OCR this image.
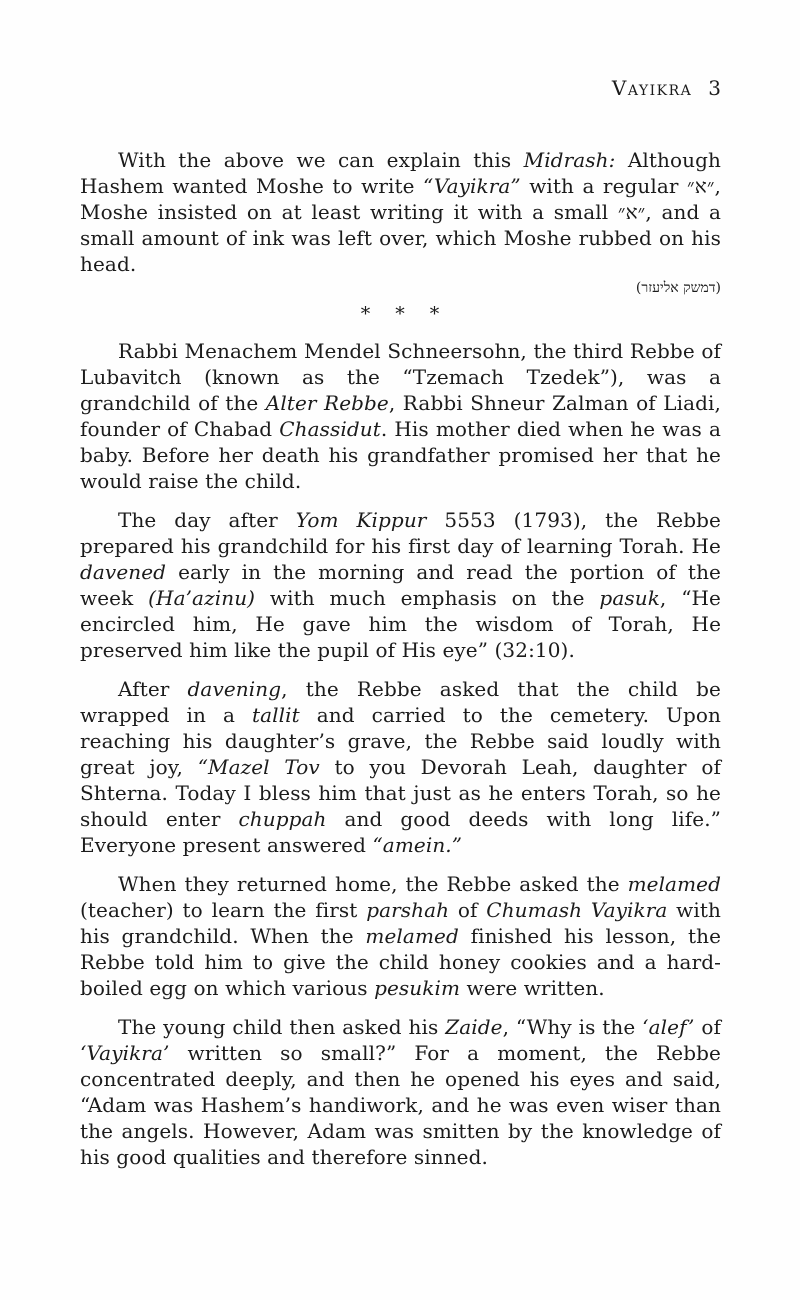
Vayikra 3

With the above we can explain this Midrash: Although Hashem wanted Moshe to write “Vayikra” with a regular ״א״, Moshe insisted on at least writing it with a small ״א״, and a small amount of ink was left over, which Moshe rubbed on his head.

(דמשק אליעזר)
* * *

Rabbi Menachem Mendel Schneersohn, the third Rebbe of Lubavitch (known as the “Tzemach Tzedek”), was a grandchild of the Alter Rebbe, Rabbi Shneur Zalman of Liadi, founder of Chabad Chassidut. His mother died when he was a baby. Before her death his grandfather promised her that he would raise the child.

The day after Yom Kippur 5553 (1793), the Rebbe prepared his grandchild for his first day of learning Torah. He davened early in the morning and read the portion of the week (Ha’azinu) with much emphasis on the pasuk, “He encircled him, He gave him the wisdom of Torah, He preserved him like the pupil of His eye” (32:10).

After davening, the Rebbe asked that the child be wrapped in a tallit and carried to the cemetery. Upon reaching his daughter’s grave, the Rebbe said loudly with great joy, “Mazel Tov to you Devorah Leah, daughter of Shterna. Today I bless him that just as he enters Torah, so he should enter chuppah and good deeds with long life.” Everyone present answered “amein.”

When they returned home, the Rebbe asked the melamed (teacher) to learn the first parshah of Chumash Vayikra with his grandchild. When the melamed finished his lesson, the Rebbe told him to give the child honey cookies and a hard-boiled egg on which various pesukim were written.

The young child then asked his Zaide, “Why is the ‘alef’ of ‘Vayikra’ written so small?” For a moment, the Rebbe concentrated deeply, and then he opened his eyes and said, “Adam was Hashem’s handiwork, and he was even wiser than the angels. However, Adam was smitten by the knowledge of his good qualities and therefore sinned.
